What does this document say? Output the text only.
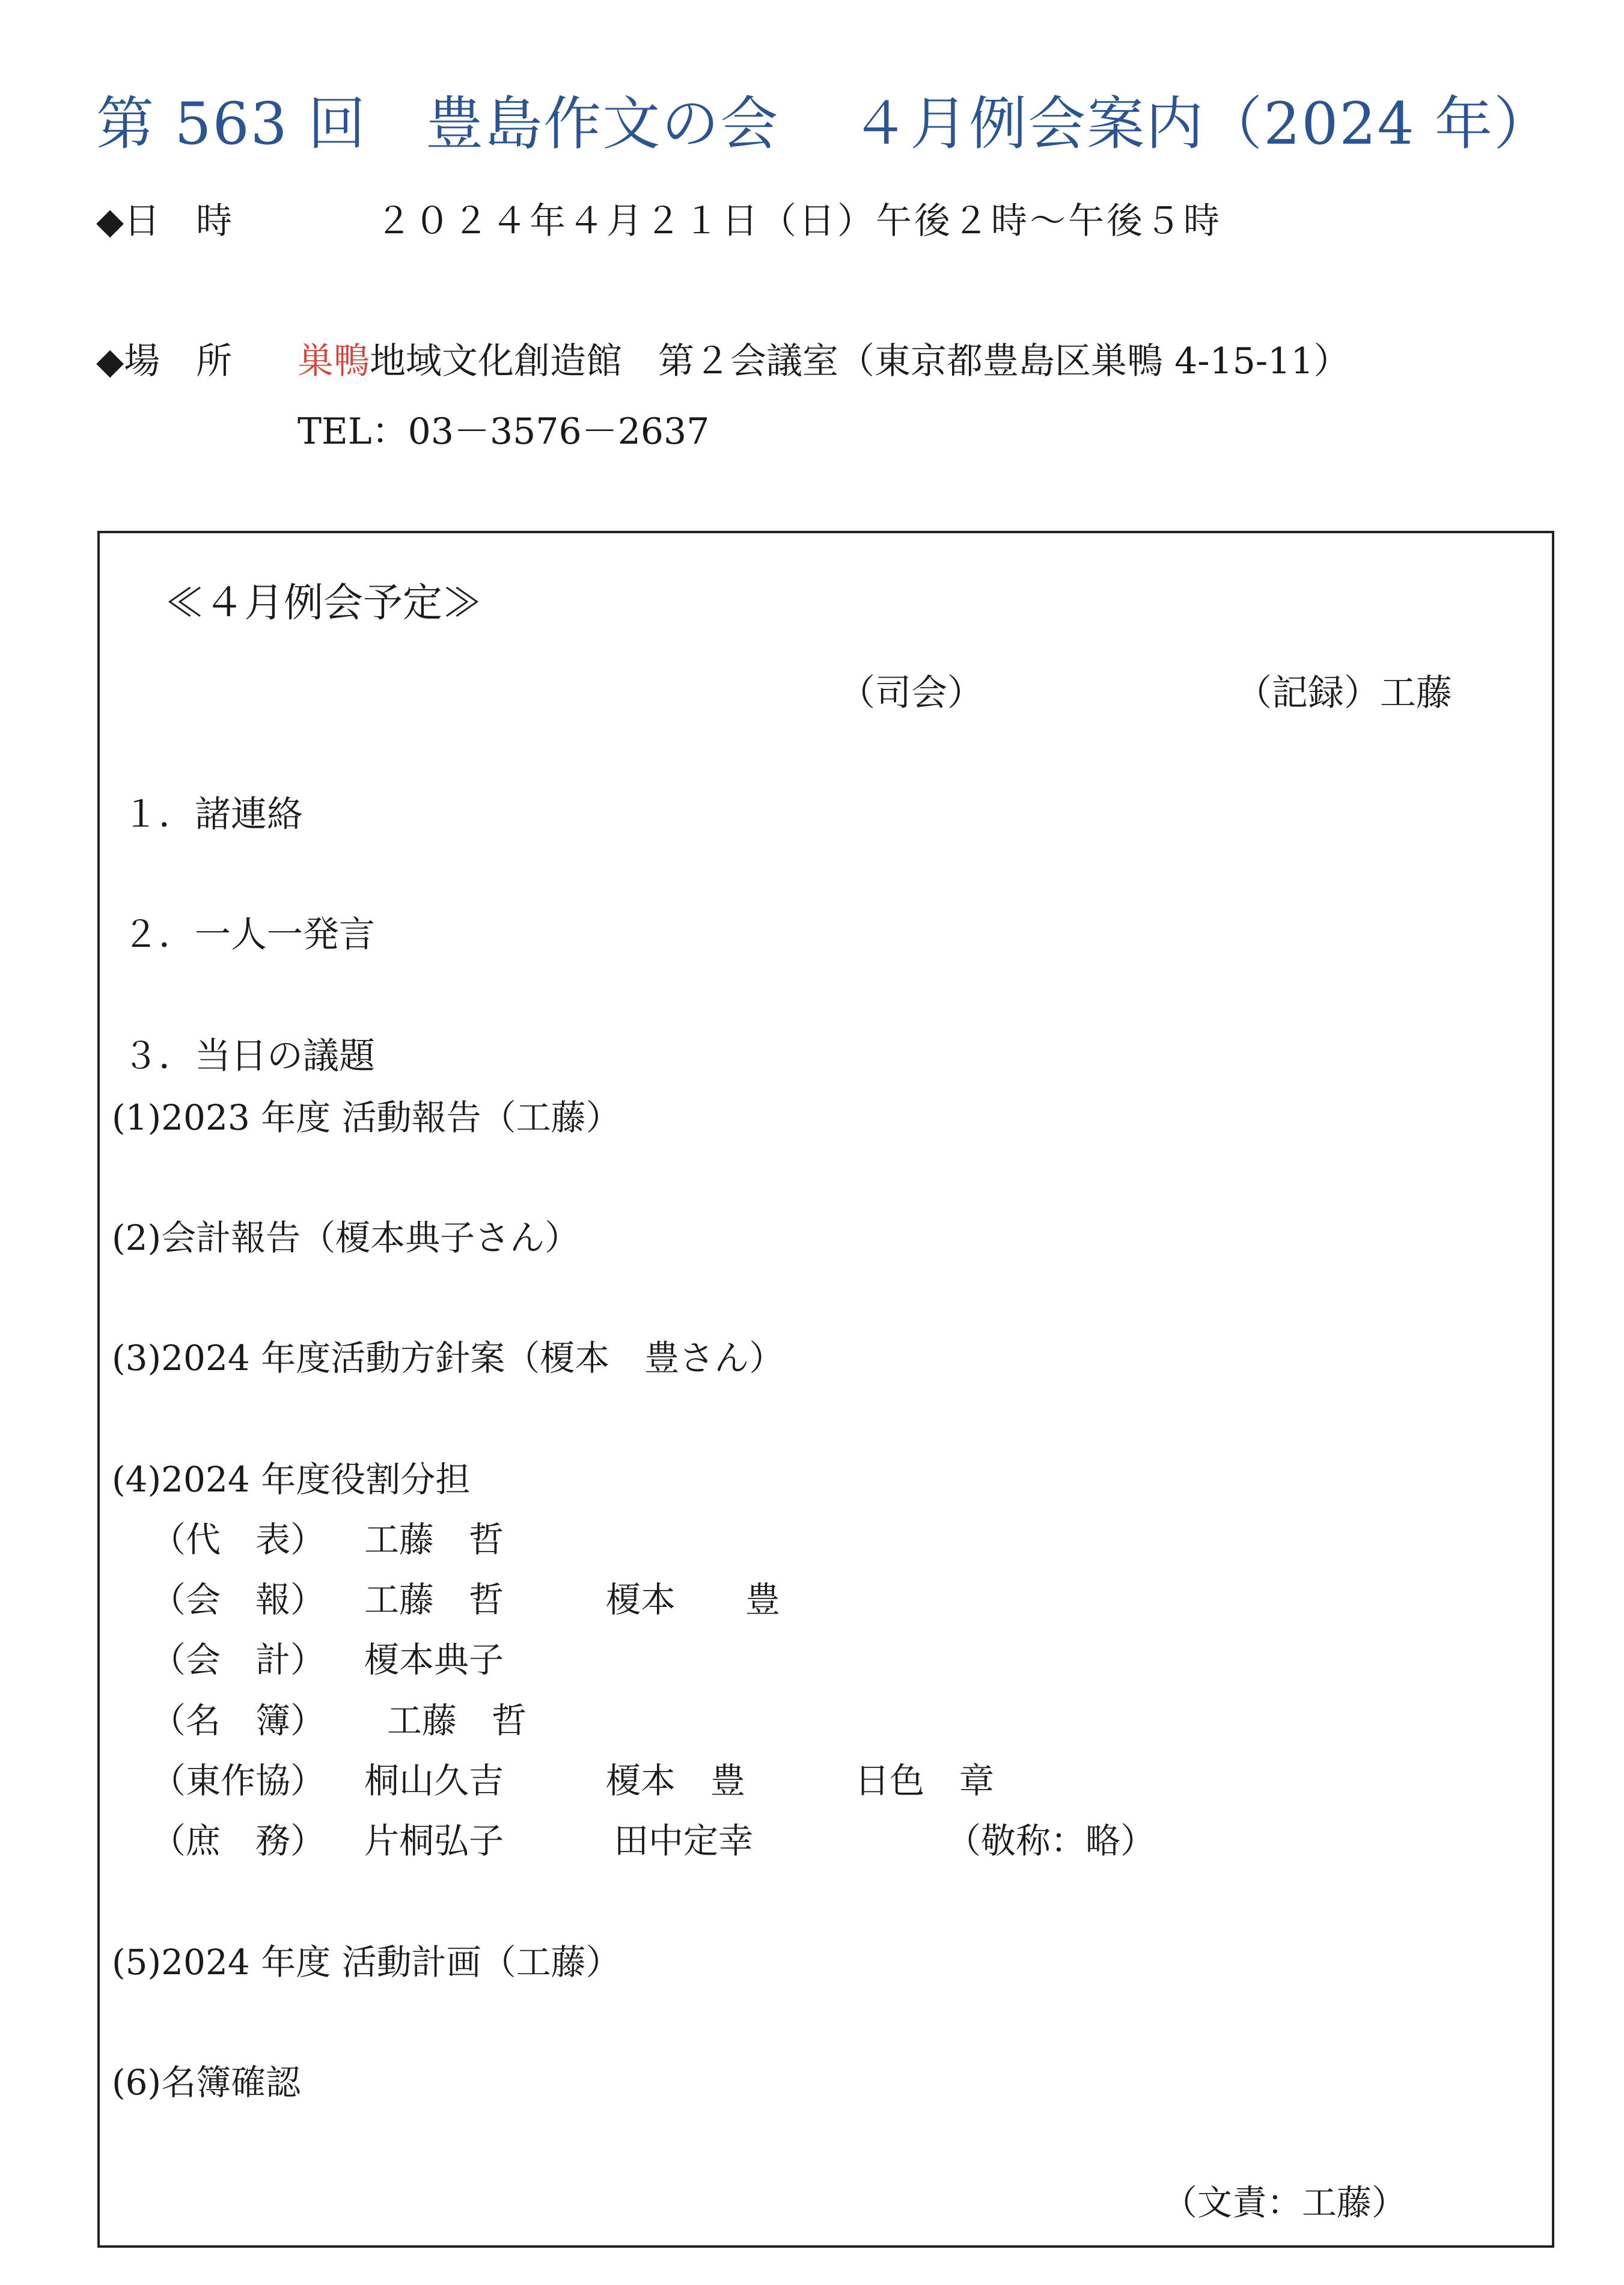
第 563 回　豊島作文の会 ４月例会案内（2024 年）
◆日　時	２０２４年４月２１日（日）午後２時〜午後５時
◆場　所 巣鴨地域文化創造館　第２会議室（東京都豊島区巣鴨 4-15-11）
TEL：03－3576－2637
≪４月例会予定≫
（司会）	（記録）工藤
１．諸連絡
２．一人一発言
３．当日の議題
(1)2023 年度 活動報告（工藤）
(2)会計報告（榎本典子さん）
(3)2024 年度活動方針案（榎本　豊さん）
(4)2024 年度役割分担
（代　表） 工藤　哲
（会　報） 工藤　哲	榎本　　豊
（会　計） 榎本典子
（名　簿） 工藤　哲
（東作協） 桐山久吉	榎本　豊	日色　章
（庶　務） 片桐弘子	田中定幸	（敬称：略）
(5)2024 年度 活動計画（工藤）
(6)名簿確認
（文責：工藤）
